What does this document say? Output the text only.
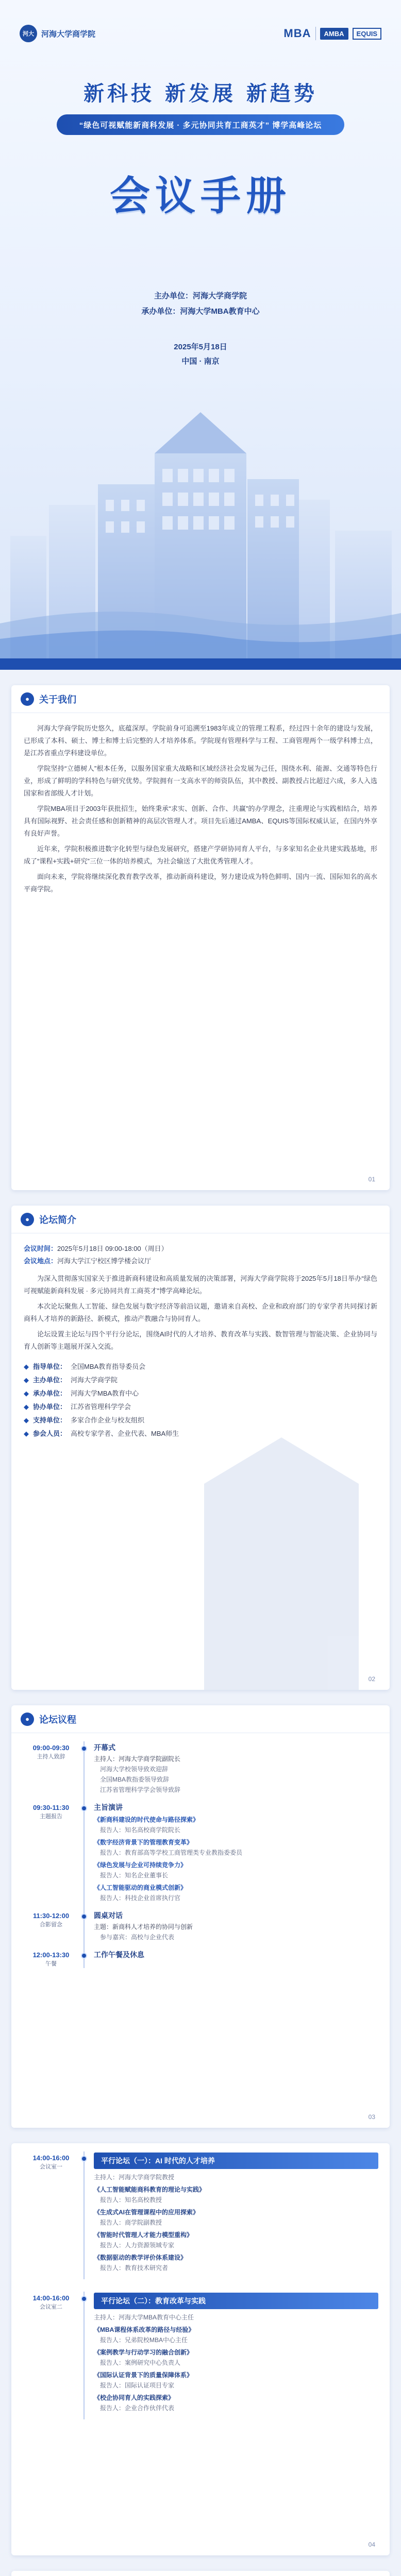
河大 河海大学商学院	MBA	AMBA	EQUIS
新科技 新发展 新趋势
“绿色可视赋能新商科发展 · 多元协同共育工商英才” 博学高峰论坛
会议手册
主办单位：河海大学商学院
承办单位：河海大学MBA教育中心
2025年5月18日
中国 · 南京
●	关于我们

河海大学商学院历史悠久，底蕴深厚。学院前身可追溯至1983年成立的管理工程系，经过四十余年的建设与发展，已形成了本科、硕士、博士和博士后完整的人才培养体系。学院现有管理科学与工程、工商管理两个一级学科博士点，是江苏省重点学科建设单位。

学院坚持“立德树人”根本任务，以服务国家重大战略和区域经济社会发展为己任，围绕水利、能源、交通等特色行业，形成了鲜明的学科特色与研究优势。学院拥有一支高水平的师资队伍，其中教授、副教授占比超过六成，多人入选国家和省部级人才计划。

学院MBA项目于2003年获批招生，始终秉承“求实、创新、合作、共赢”的办学理念，注重理论与实践相结合，培养具有国际视野、社会责任感和创新精神的高层次管理人才。项目先后通过AMBA、EQUIS等国际权威认证，在国内外享有良好声誉。

近年来，学院积极推进数字化转型与绿色发展研究，搭建产学研协同育人平台，与多家知名企业共建实践基地，形成了“课程+实践+研究”三位一体的培养模式，为社会输送了大批优秀管理人才。

面向未来，学院将继续深化教育教学改革，推动新商科建设，努力建设成为特色鲜明、国内一流、国际知名的高水平商学院。

01
●	论坛简介
会议时间：2025年5月18日 09:00-18:00（周日）
会议地点：河海大学江宁校区博学楼会议厅

为深入贯彻落实国家关于推进新商科建设和高质量发展的决策部署，河海大学商学院将于2025年5月18日举办“绿色可视赋能新商科发展 · 多元协同共育工商英才”博学高峰论坛。

本次论坛聚焦人工智能、绿色发展与数字经济等前沿议题，邀请来自高校、企业和政府部门的专家学者共同探讨新商科人才培养的新路径、新模式，推动产教融合与协同育人。

论坛设置主论坛与四个平行分论坛，围绕AI时代的人才培养、教育改革与实践、数智管理与智能决策、企业协同与育人创新等主题展开深入交流。

◆ 指导单位： 全国MBA教育指导委员会
◆ 主办单位： 河海大学商学院
◆ 承办单位： 河海大学MBA教育中心
◆ 协办单位： 江苏省管理科学学会
◆ 支持单位： 多家合作企业与校友组织
◆ 参会人员： 高校专家学者、企业代表、MBA师生
02
●	论坛议程
09:00-09:30
主持人致辞
开幕式
主持人：河海大学商学院副院长
河海大学校领导致欢迎辞
全国MBA教指委领导致辞
江苏省管理科学学会领导致辞
09:30-11:30
主题报告
主旨演讲
《新商科建设的时代使命与路径探索》
报告人：知名高校商学院院长
《数字经济背景下的管理教育变革》
报告人：教育部高等学校工商管理类专业教指委委员
《绿色发展与企业可持续竞争力》
报告人：知名企业董事长
《人工智能驱动的商业模式创新》
报告人：科技企业首席执行官
11:30-12:00
合影留念
圆桌对话
主题：新商科人才培养的协同与创新
参与嘉宾：高校与企业代表
12:00-13:30
午餐
工作午餐及休息
03
14:00-16:00
会议室一
平行论坛（一）：AI 时代的人才培养
主持人：河海大学商学院教授
《人工智能赋能商科教育的理论与实践》
报告人：知名高校教授
《生成式AI在管理课程中的应用探索》
报告人：商学院副教授
《智能时代管理人才能力模型重构》
报告人：人力资源领域专家
《数据驱动的教学评价体系建设》
报告人：教育技术研究者
14:00-16:00
会议室二
平行论坛（二）：教育改革与实践
主持人：河海大学MBA教育中心主任
《MBA课程体系改革的路径与经验》
报告人：兄弟院校MBA中心主任
《案例教学与行动学习的融合创新》
报告人：案例研究中心负责人
《国际认证背景下的质量保障体系》
报告人：国际认证项目专家
《校企协同育人的实践探索》
报告人：企业合作伙伴代表
04
